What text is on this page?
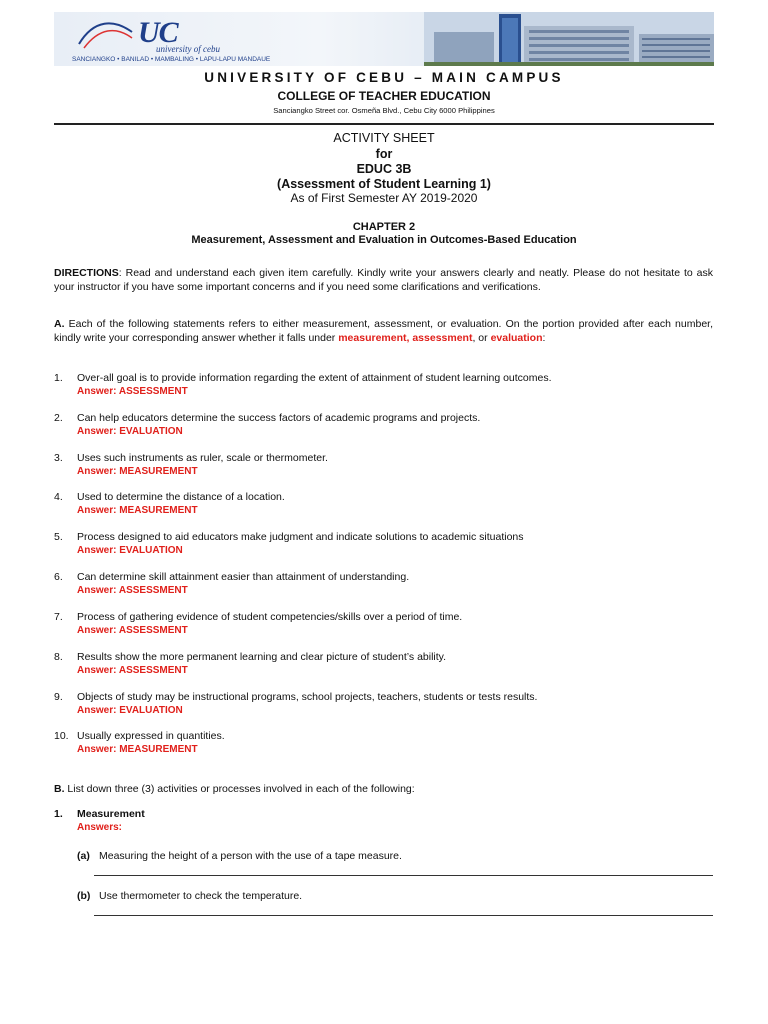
UC
university of cebu
SANCIANGKO • BANILAD • MAMBALING • LAPU-LAPU MANDAUE
UNIVERSITY OF CEBU – MAIN CAMPUS
COLLEGE OF TEACHER EDUCATION
Sanciangko Street cor. Osmeña Blvd., Cebu City 6000 Philippines
ACTIVITY SHEET
for
EDUC 3B
(Assessment of Student Learning 1)
As of First Semester AY 2019-2020
CHAPTER 2
Measurement, Assessment and Evaluation in Outcomes-Based Education
DIRECTIONS: Read and understand each given item carefully. Kindly write your answers clearly and neatly. Please do not hesitate to ask your instructor if you have some important concerns and if you need some clarifications and verifications.
A. Each of the following statements refers to either measurement, assessment, or evaluation. On the portion provided after each number, kindly write your corresponding answer whether it falls under measurement, assessment, or evaluation:
1. Over-all goal is to provide information regarding the extent of attainment of student learning outcomes.
Answer: ASSESSMENT
2. Can help educators determine the success factors of academic programs and projects.
Answer: EVALUATION
3. Uses such instruments as ruler, scale or thermometer.
Answer: MEASUREMENT
4. Used to determine the distance of a location.
Answer: MEASUREMENT
5. Process designed to aid educators make judgment and indicate solutions to academic situations
Answer: EVALUATION
6. Can determine skill attainment easier than attainment of understanding.
Answer: ASSESSMENT
7. Process of gathering evidence of student competencies/skills over a period of time.
Answer: ASSESSMENT
8. Results show the more permanent learning and clear picture of student’s ability.
Answer: ASSESSMENT
9. Objects of study may be instructional programs, school projects, teachers, students or tests results.
Answer: EVALUATION
10. Usually expressed in quantities.
Answer: MEASUREMENT
B. List down three (3) activities or processes involved in each of the following:
1. Measurement
Answers:
(a) Measuring the height of a person with the use of a tape measure.
(b) Use thermometer to check the temperature.
